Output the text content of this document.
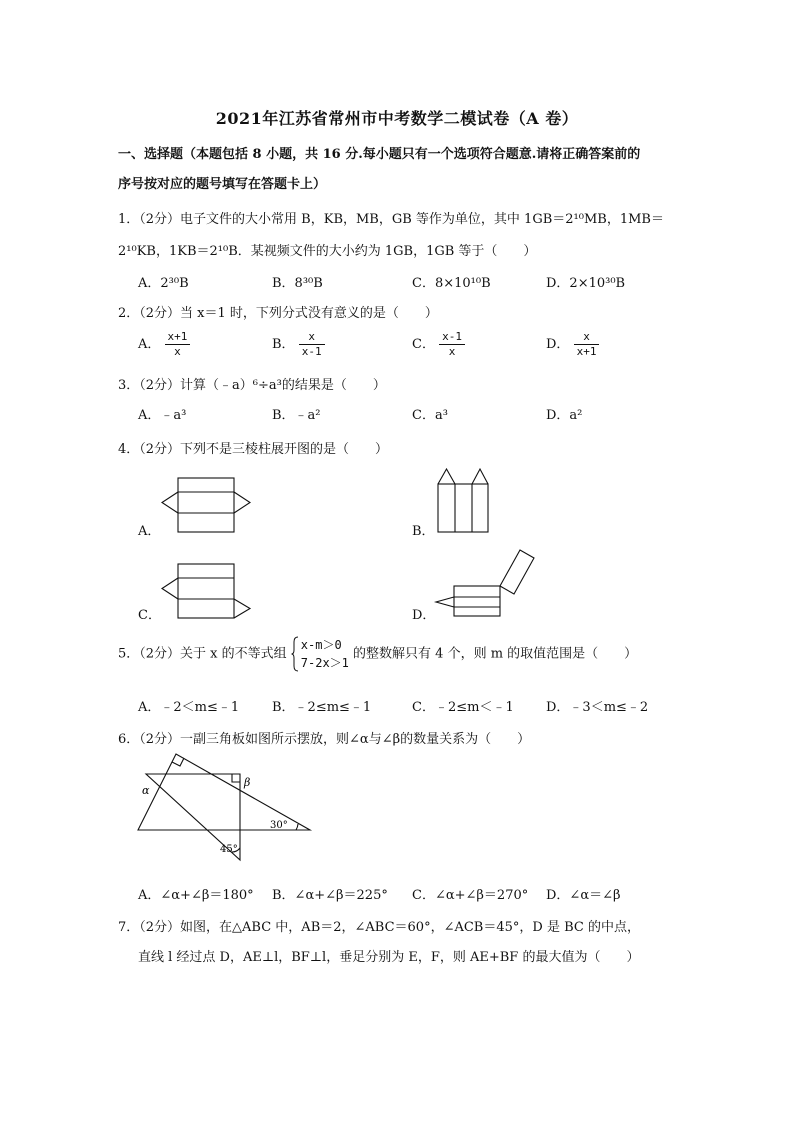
2021年江苏省常州市中考数学二模试卷（A 卷）
一、选择题（本题包括 8 小题，共 16 分.每小题只有一个选项符合题意.请将正确答案前的
序号按对应的题号填写在答题卡上）
1．（2分）电子文件的大小常用 B，KB，MB，GB 等作为单位，其中 1GB＝2¹⁰MB，1MB＝
2¹⁰KB，1KB＝2¹⁰B．某视频文件的大小约为 1GB，1GB 等于（　　）
A．2³⁰B	B．8³⁰B	C．8×10¹⁰B	D．2×10³⁰B
2．（2分）当 x＝1 时，下列分式没有意义的是（　　）
A． $\frac{x+1}{x}$	B． $\frac{x}{x-1}$	C． $\frac{x-1}{x}$	D． $\frac{x}{x+1}$
3．（2分）计算（﹣a）⁶÷a³的结果是（　　）
A．﹣a³	B．﹣a²	C．a³	D．a²
4．（2分）下列不是三棱柱展开图的是（　　）
A．	B．
C．	D．
5．（2分）关于 x 的不等式组
x-m＞0
7-2x＞1
的整数解只有 4 个，则 m 的取值范围是（　　）
A．﹣2＜m≤﹣1	B．﹣2≤m≤﹣1	C．﹣2≤m＜﹣1 D．﹣3＜m≤﹣2
6．（2分）一副三角板如图所示摆放，则∠α与∠β的数量关系为（　　）
α
β
30°
45°
A．∠α+∠β＝180° B．∠α+∠β＝225° C．∠α+∠β＝270° D．∠α＝∠β
7．（2分）如图，在△ABC 中，AB＝2，∠ABC＝60°，∠ACB＝45°，D 是 BC 的中点，
直线 l 经过点 D，AE⊥l，BF⊥l，垂足分别为 E，F，则 AE+BF 的最大值为（　　）
